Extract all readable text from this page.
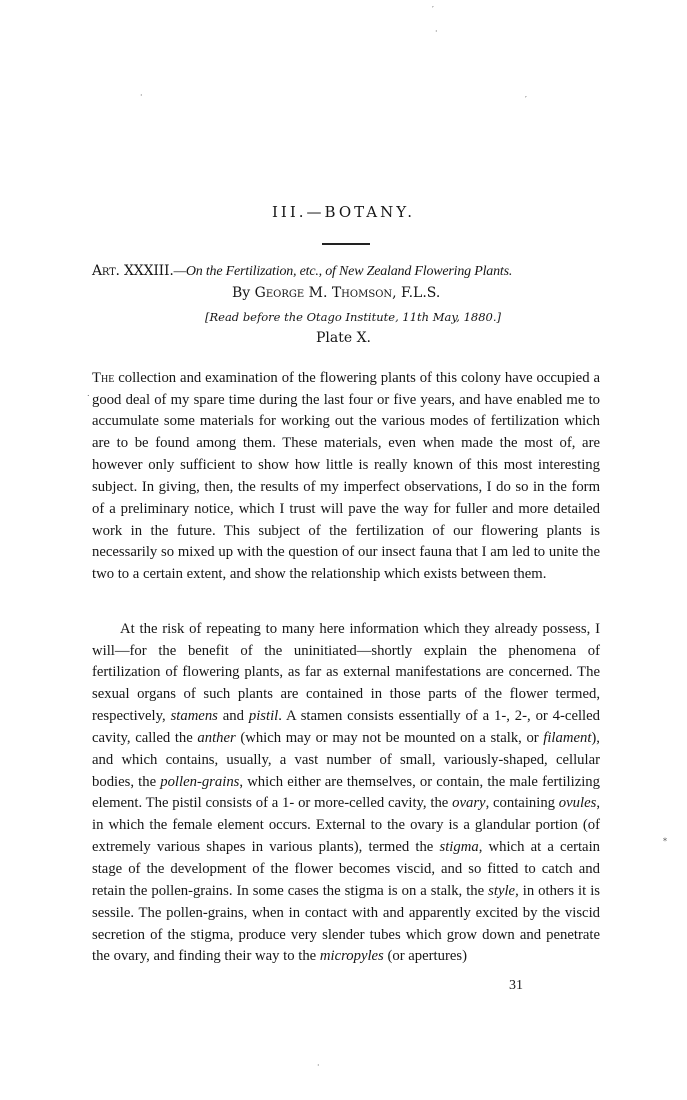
III.—BOTANY.
Art. XXXIII.—On the Fertilization, etc., of New Zealand Flowering Plants.
By George M. Thomson, F.L.S.
[Read before the Otago Institute, 11th May, 1880.]
Plate X.

The collection and examination of the flowering plants of this colony have occupied a good deal of my spare time during the last four or five years, and have enabled me to accumulate some materials for working out the various modes of fertilization which are to be found among them. These materials, even when made the most of, are however only sufficient to show how little is really known of this most interesting subject. In giving, then, the results of my imperfect observations, I do so in the form of a preliminary notice, which I trust will pave the way for fuller and more detailed work in the future. This subject of the fertilization of our flowering plants is necessarily so mixed up with the question of our insect fauna that I am led to unite the two to a certain extent, and show the relationship which exists between them.

At the risk of repeating to many here information which they already possess, I will—for the benefit of the uninitiated—shortly explain the phenomena of fertilization of flowering plants, as far as external manifestations are concerned. The sexual organs of such plants are contained in those parts of the flower termed, respectively, stamens and pistil. A stamen consists essentially of a 1-, 2-, or 4-celled cavity, called the anther (which may or may not be mounted on a stalk, or filament), and which contains, usually, a vast number of small, variously-shaped, cellular bodies, the pollen-grains, which either are themselves, or contain, the male fertilizing element. The pistil consists of a 1- or more-celled cavity, the ovary, containing ovules, in which the female element occurs. External to the ovary is a glandular portion (of extremely various shapes in various plants), termed the stigma, which at a certain stage of the development of the flower becomes viscid, and so fitted to catch and retain the pollen-grains. In some cases the stigma is on a stalk, the style, in others it is sessile. The pollen-grains, when in contact with and apparently excited by the viscid secretion of the stigma, produce very slender tubes which grow down and penetrate the ovary, and finding their way to the micropyles (or apertures)

31
′
·
′
·
*
.
·
